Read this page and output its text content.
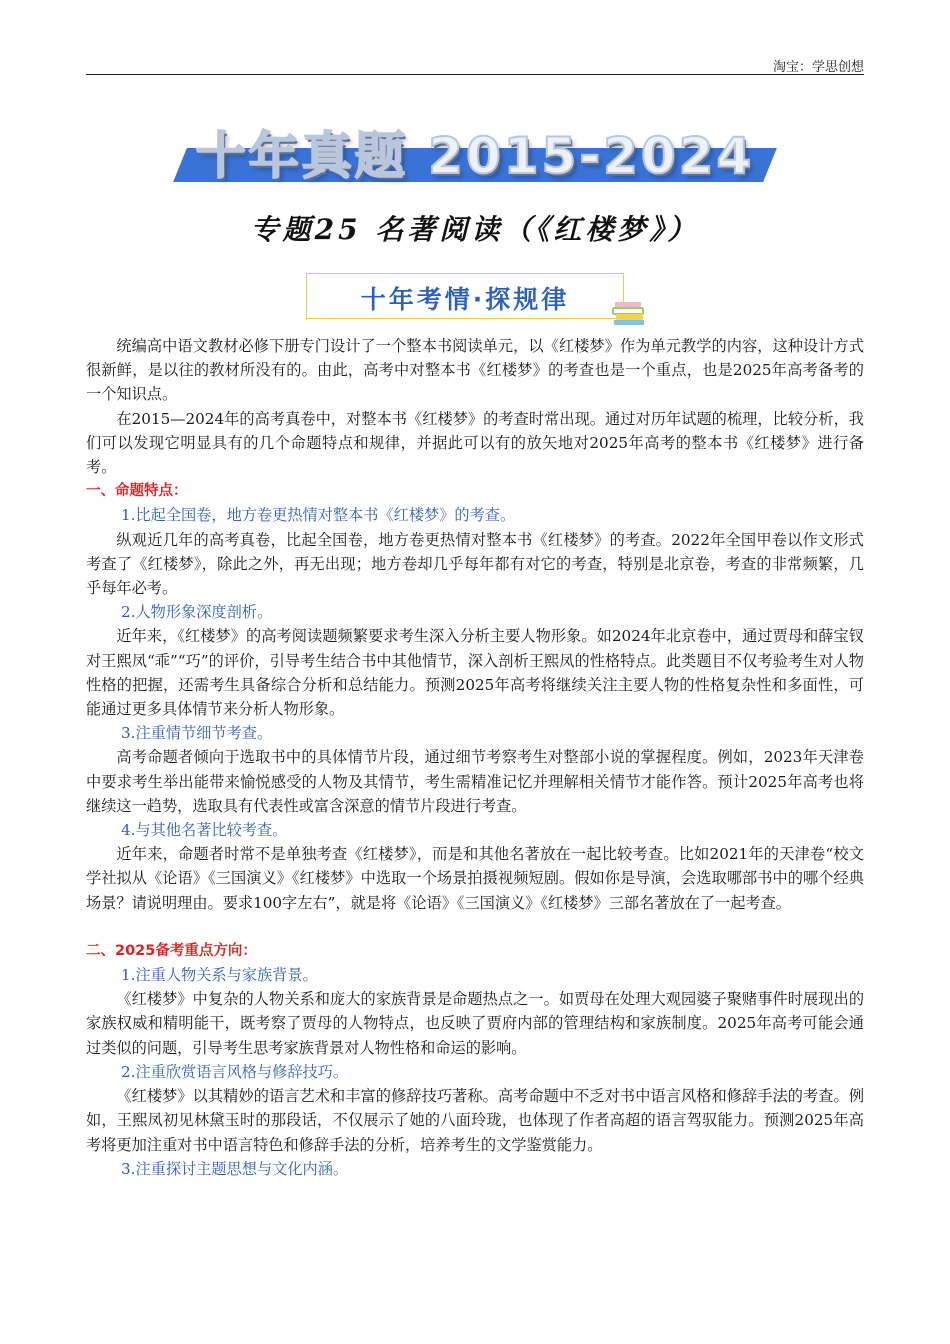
淘宝：学思创想
十年真题 2015-2024
专题25 名著阅读（《红楼梦》）
十年考情·探规律

统编高中语文教材必修下册专门设计了一个整本书阅读单元，以《红楼梦》作为单元教学的内容，这种设计方式很新鲜，是以往的教材所没有的。由此，高考中对整本书《红楼梦》的考查也是一个重点，也是2025年高考备考的一个知识点。

在2015—2024年的高考真卷中，对整本书《红楼梦》的考查时常出现。通过对历年试题的梳理，比较分析，我们可以发现它明显具有的几个命题特点和规律，并据此可以有的放矢地对2025年高考的整本书《红楼梦》进行备考。

一、命题特点：

1.比起全国卷，地方卷更热情对整本书《红楼梦》的考查。

纵观近几年的高考真卷，比起全国卷，地方卷更热情对整本书《红楼梦》的考查。2022年全国甲卷以作文形式考查了《红楼梦》，除此之外，再无出现；地方卷却几乎每年都有对它的考查，特别是北京卷，考查的非常频繁，几乎每年必考。

2.人物形象深度剖析。

近年来，《红楼梦》的高考阅读题频繁要求考生深入分析主要人物形象。如2024年北京卷中，通过贾母和薛宝钗对王熙凤“乖”“巧”的评价，引导考生结合书中其他情节，深入剖析王熙凤的性格特点。此类题目不仅考验考生对人物性格的把握，还需考生具备综合分析和总结能力。预测2025年高考将继续关注主要人物的性格复杂性和多面性，可能通过更多具体情节来分析人物形象。

3.注重情节细节考查。

高考命题者倾向于选取书中的具体情节片段，通过细节考察考生对整部小说的掌握程度。例如，2023年天津卷中要求考生举出能带来愉悦感受的人物及其情节，考生需精准记忆并理解相关情节才能作答。预计2025年高考也将继续这一趋势，选取具有代表性或富含深意的情节片段进行考查。

4.与其他名著比较考查。

近年来，命题者时常不是单独考查《红楼梦》，而是和其他名著放在一起比较考查。比如2021年的天津卷“校文学社拟从《论语》《三国演义》《红楼梦》中选取一个场景拍摄视频短剧。假如你是导演，会选取哪部书中的哪个经典场景？请说明理由。要求100字左右”，就是将《论语》《三国演义》《红楼梦》三部名著放在了一起考查。

二、2025备考重点方向：

1.注重人物关系与家族背景。

《红楼梦》中复杂的人物关系和庞大的家族背景是命题热点之一。如贾母在处理大观园婆子聚赌事件时展现出的家族权威和精明能干，既考察了贾母的人物特点，也反映了贾府内部的管理结构和家族制度。2025年高考可能会通过类似的问题，引导考生思考家族背景对人物性格和命运的影响。

2.注重欣赏语言风格与修辞技巧。

《红楼梦》以其精妙的语言艺术和丰富的修辞技巧著称。高考命题中不乏对书中语言风格和修辞手法的考查。例如，王熙凤初见林黛玉时的那段话，不仅展示了她的八面玲珑，也体现了作者高超的语言驾驭能力。预测2025年高考将更加注重对书中语言特色和修辞手法的分析，培养考生的文学鉴赏能力。

3.注重探讨主题思想与文化内涵。
